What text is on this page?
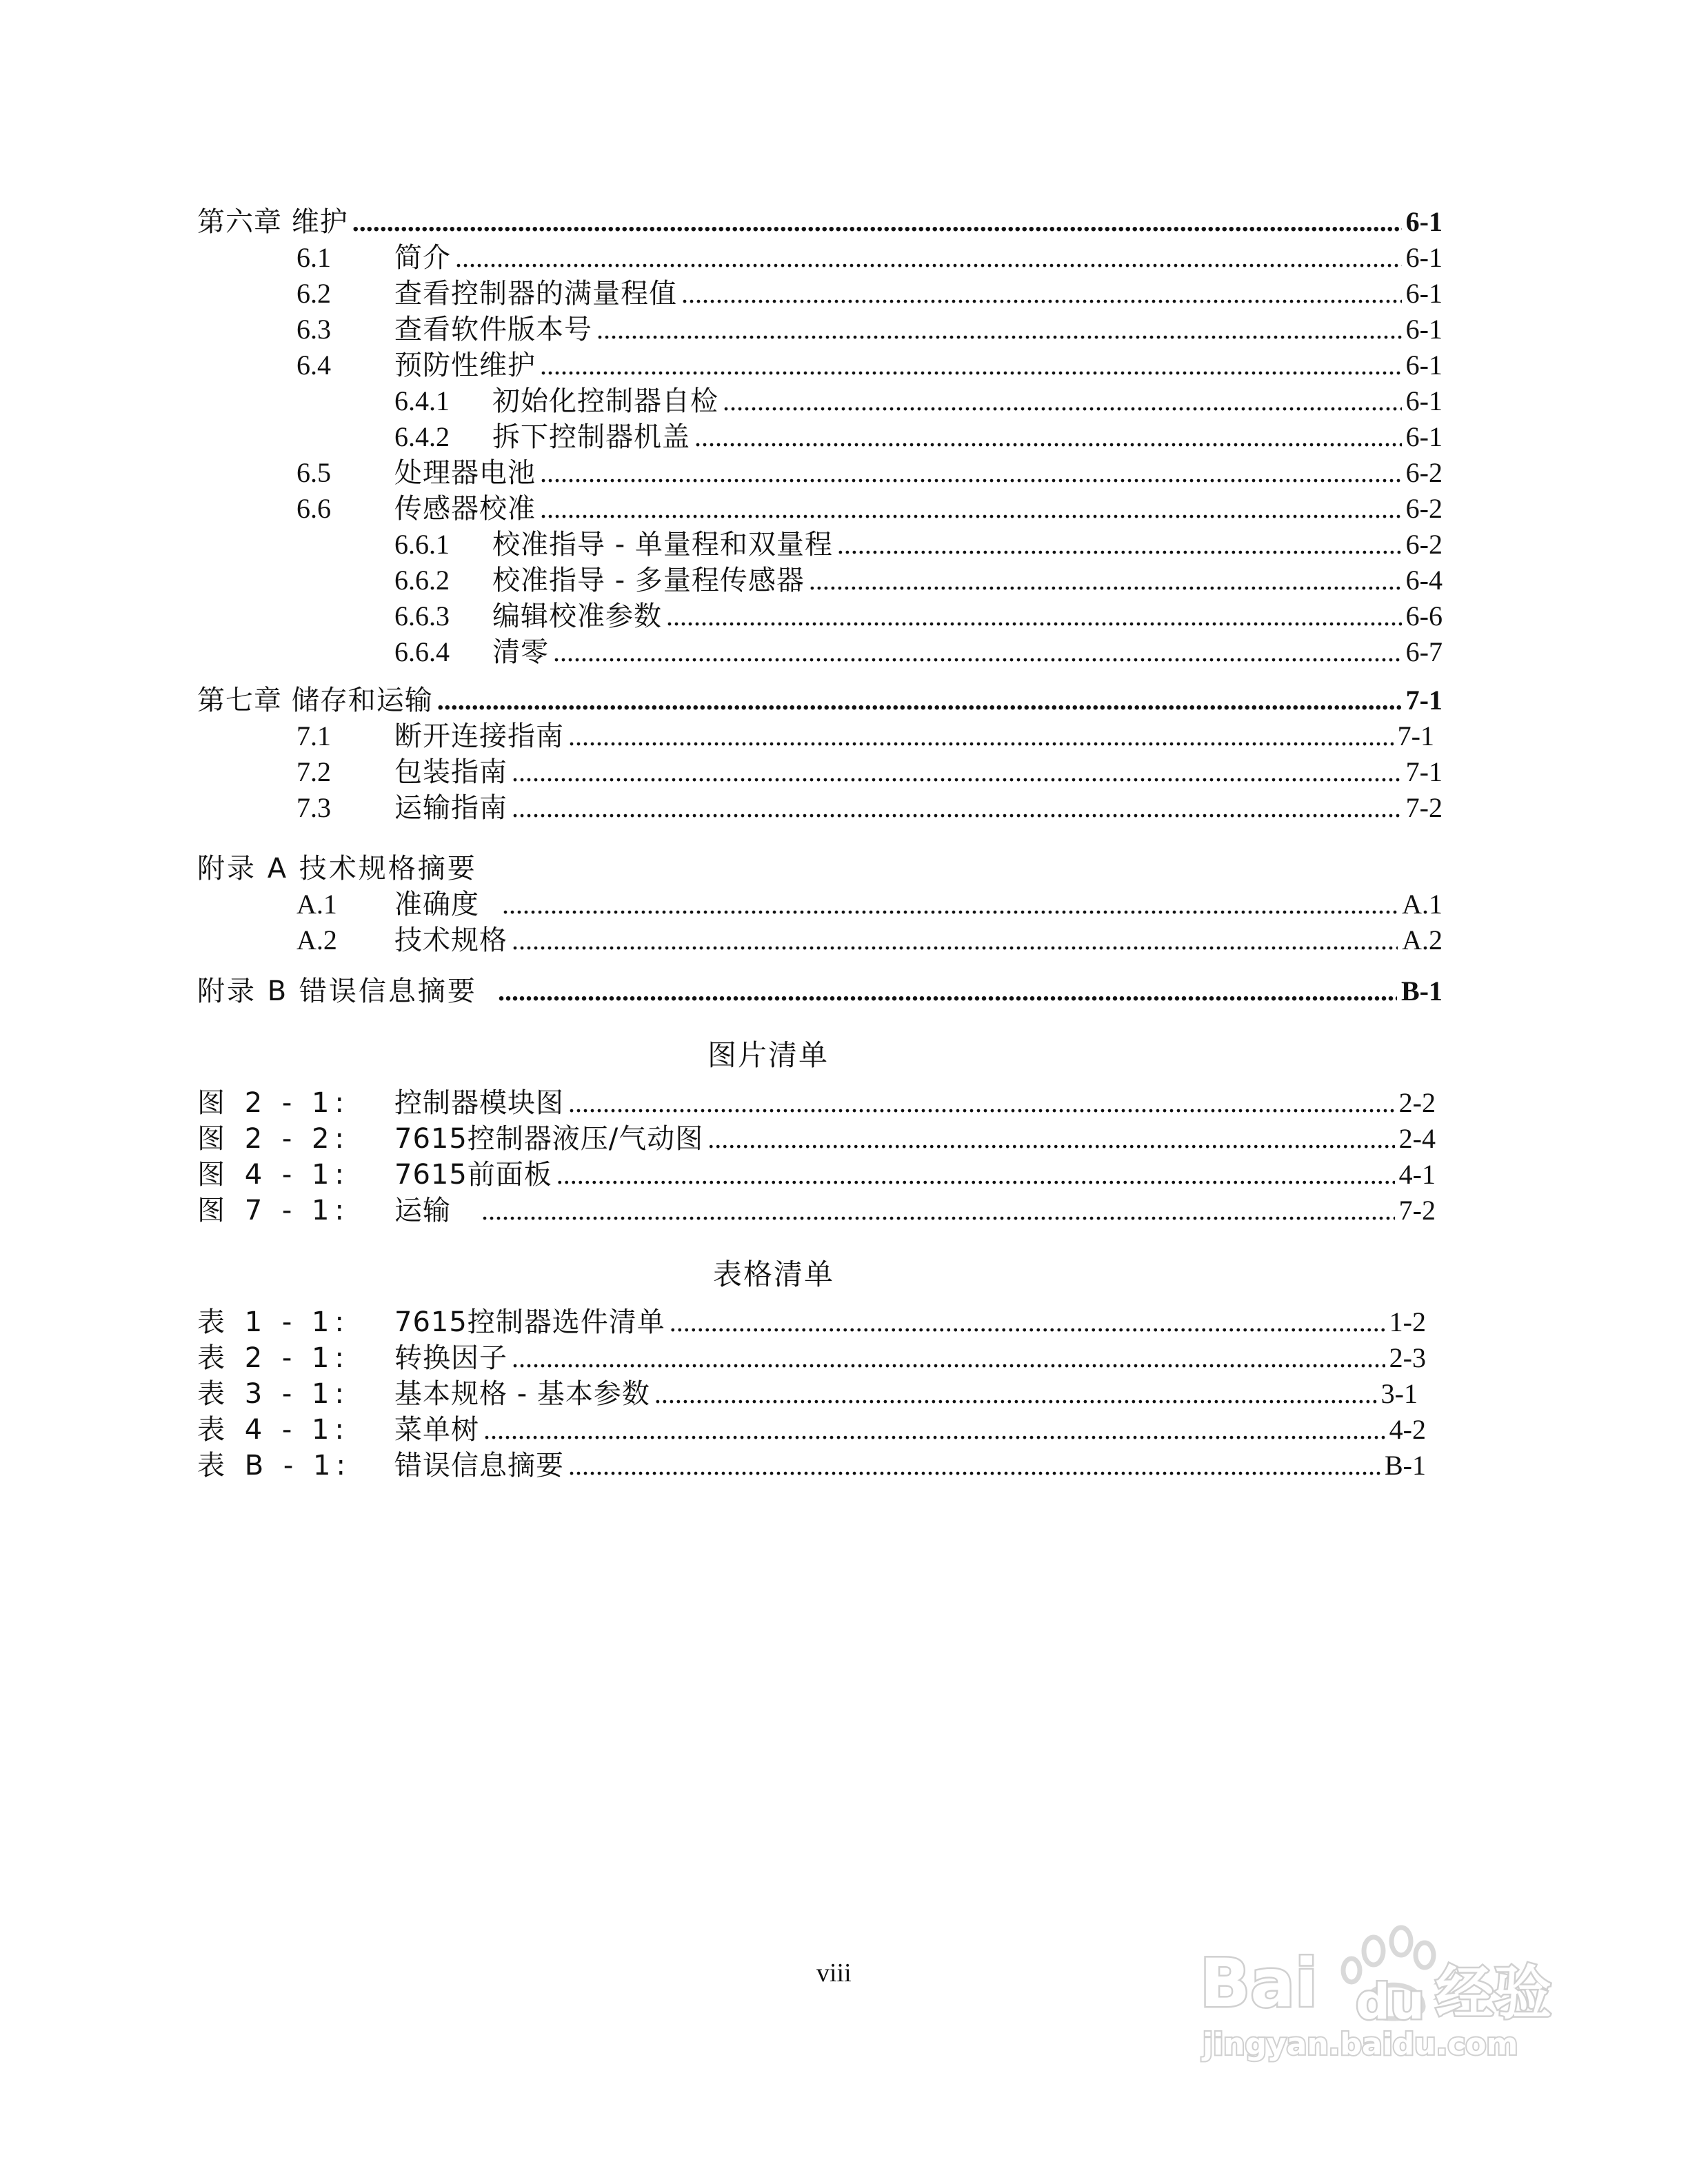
第六章 维护 .....	6-1
6.1	简介 .....	6-1
6.2	查看控制器的满量程值 .....	6-1
6.3	查看软件版本号 .....	6-1
6.4	预防性维护 .....	6-1
6.4.1	初始化控制器自检 .....	6-1
6.4.2	拆下控制器机盖 .....	6-1
6.5	处理器电池 .....	6-2
6.6	传感器校准 .....	6-2
6.6.1	校准指导 - 单量程和双量程 .....	6-2
6.6.2	校准指导 - 多量程传感器 .....	6-4
6.6.3	编辑校准参数 .....	6-6
6.6.4	清零 .....	6-7
第七章 储存和运输 .....	7-1
7.1	断开连接指南 .....	7-1
7.2	包装指南 .....	7-1
7.3	运输指南 .....	7-2
附录 A 技术规格摘要
A.1	准确度 .....	A.1
A.2	技术规格 .....	A.2
附录 B 错误信息摘要 .....	B-1
图片清单
图 2 - 1:	控制器模块图 .....	2-2
图 2 - 2:	7615控制器液压/气动图 .....	2-4
图 4 - 1:	7615前面板 .....	4-1
图 7 - 1:	运输 .....	7-2
表格清单
表 1 - 1:	7615控制器选件清单 .....	1-2
表 2 - 1:	转换因子 .....	2-3
表 3 - 1:	基本规格 - 基本参数 .....	3-1
表 4 - 1:	菜单树 .....	4-2
表 B - 1:	错误信息摘要 .....	B-1
viii	Bai du 经验
jingyan.baidu.com
